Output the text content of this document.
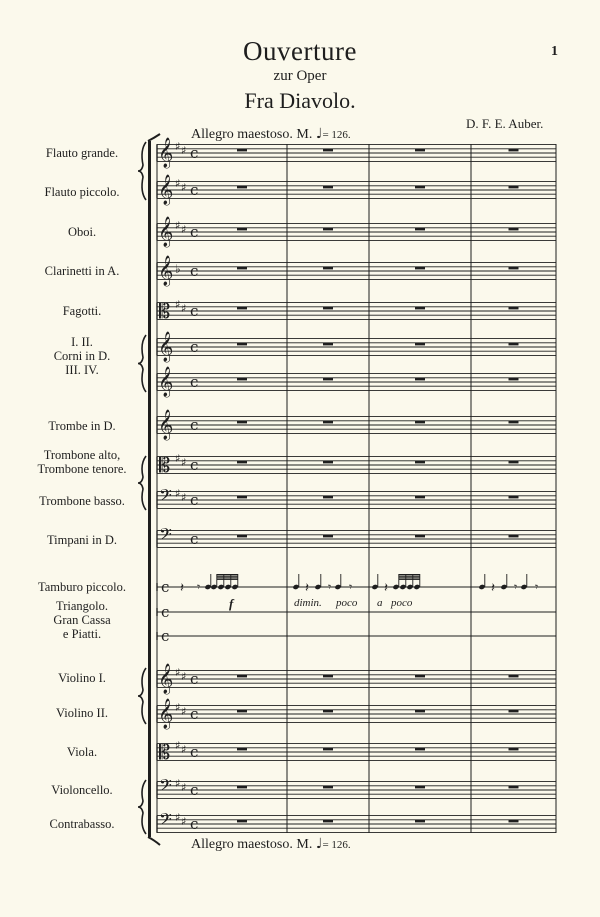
Ouverture
zur Oper
Fra Diavolo.
1
D. F. E. Auber.
Allegro maestoso. M. ♩= 126.
𝄞 ♯ ♯ c
𝄞 ♯ ♯ c
𝄞 ♯ ♯ c
𝄞 ♭ c
𝄡 ♯ ♯ c
𝄞 c
𝄞 c
𝄞 c
𝄡 ♯ ♯ c
𝄢 ♯ ♯ c
𝄢 c
c
c
c
𝄞 ♯ ♯ c
𝄞 ♯ ♯ c
𝄡 ♯ ♯ c
𝄢 ♯ ♯ c
𝄢 ♯ ♯ c
𝄽 𝄾	𝄽 𝄾 𝄾 𝄽	𝄽 𝄾 𝄾
Flauto grande.
Flauto piccolo.
Oboi.
Clarinetti in A.
Fagotti.
I. II.
Corni in D.
III. IV.
Trombe in D.
Trombone alto,
Trombone tenore.
Trombone basso.
Timpani in D.
Tamburo piccolo.
Triangolo.
Gran Cassa
e Piatti.
Violino I.
Violino II.
Viola.
Violoncello.
Contrabasso.
f	dimin. poco a poco
Allegro maestoso. M. ♩= 126.
